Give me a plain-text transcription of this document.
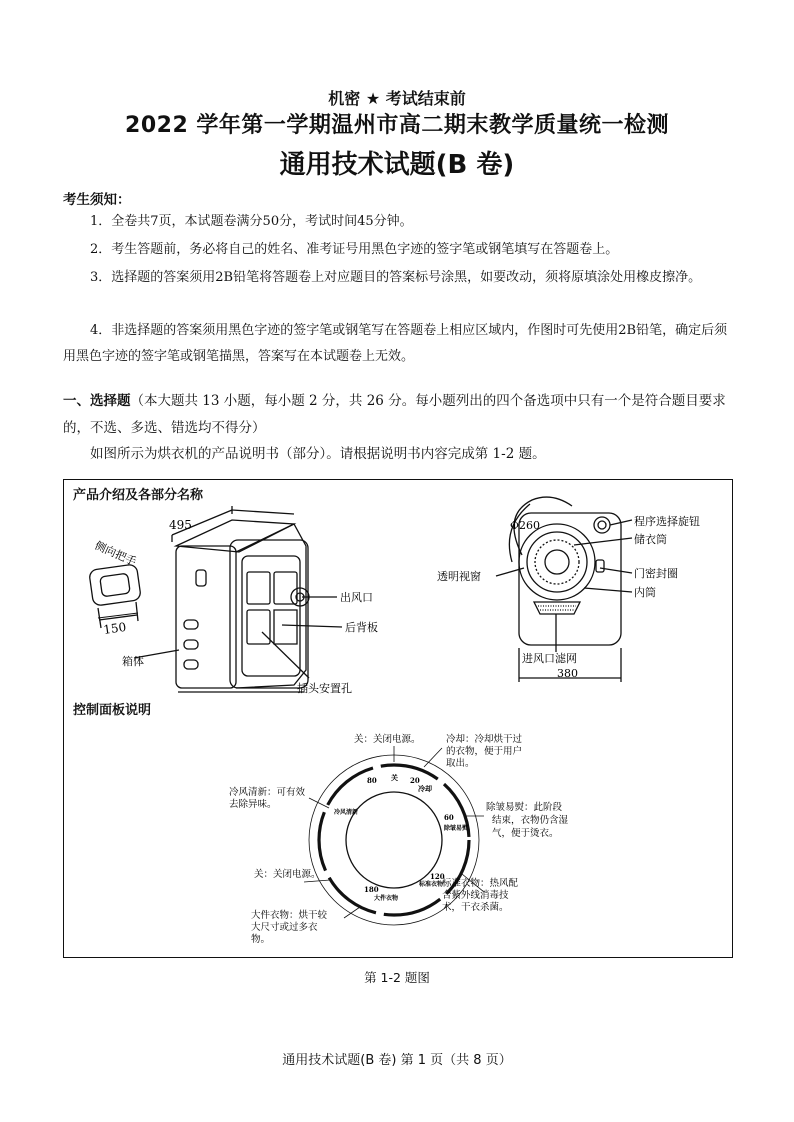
机密 ★ 考试结束前
2022 学年第一学期温州市高二期末教学质量统一检测
通用技术试题(B 卷)
考生须知：
1．全卷共7页，本试题卷满分50分，考试时间45分钟。
2．考生答题前，务必将自己的姓名、准考证号用黑色字迹的签字笔或钢笔填写在答题卷上。
3．选择题的答案须用2B铅笔将答题卷上对应题目的答案标号涂黑，如要改动，须将原填涂处用橡皮擦净。
4．非选择题的答案须用黑色字迹的签字笔或钢笔写在答题卷上相应区域内，作图时可先使用2B铅笔，确定后须用黑色字迹的签字笔或钢笔描黑，答案写在本试题卷上无效。
一、选择题（本大题共 13 小题，每小题 2 分，共 26 分。每小题列出的四个备选项中只有一个是符合题目要求的，不选、多选、错选均不得分）
如图所示为烘衣机的产品说明书（部分）。请根据说明书内容完成第 1-2 题。
产品介绍及各部分名称
控制面板说明
495
150
侧向把手
出风口
后背板
箱体
插头安置孔
Φ260	程序选择旋钮
储衣筒
透明视窗	门密封圈
内筒
进风口滤网
380
关：关闭电源。	冷却：冷却烘干过的衣物，便于用户取出。
除皱易熨：此阶段结束，衣物仍含湿气，便于烫衣。
标准衣物：热风配合紫外线消毒技术，干衣杀菌。
大件衣物：烘干较大尺寸或过多衣物。
关：关闭电源。
冷风清新：可有效去除异味。
关 20
冷却
60
除皱易熨
120
标准衣物
180
大件衣物
80
冷风清新
第 1-2 题图
通用技术试题(B 卷) 第 1 页（共 8 页）
